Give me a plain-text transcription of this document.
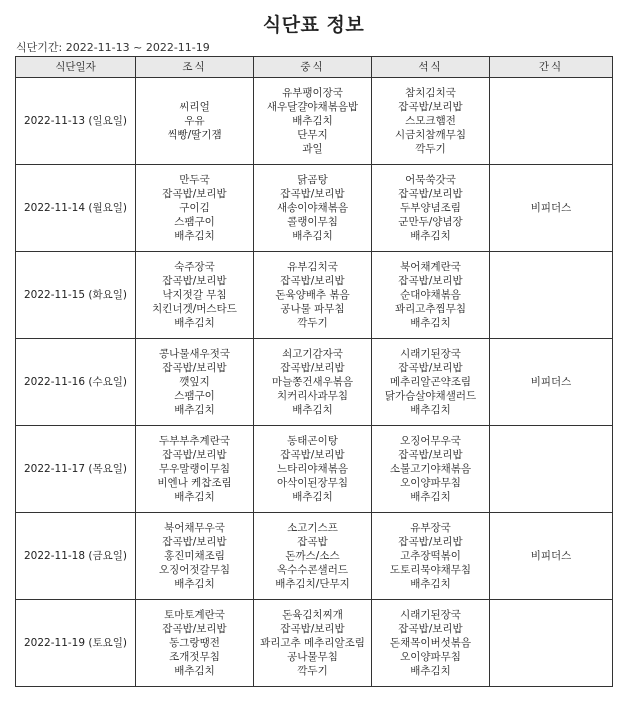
식단표 정보
식단기간: 2022-11-13 ~ 2022-11-19
식단일자	조식	중식	석식	간식
2022-11-13 (일요일)	씨리얼
우유
씩빵/딸기잼	유부팽이장국
새우달걀야채볶음밥
배추김치
단무지
과일	참치김치국
잡곡밥/보리밥
스모크햄전
시금치참깨무침
깍두기	

2022-11-14 (월요일)	만두국
잡곡밥/보리밥
구이김
스팸구이
배추김치	닭곰탕
잡곡밥/보리밥
새송이야채볶음
콜랭이무침
배추김치	어묵쑥갓국
잡곡밥/보리밥
두부양념조림
군만두/양념장
배추김치	비피더스
2022-11-15 (화요일)	숙주장국
잡곡밥/보리밥
낙지젓갈 무침
치킨너겟/머스타드
배추김치	유부김치국
잡곡밥/보리밥
돈육양배추 볶음
공나물 파무침
깍두기	북어채계란국
잡곡밥/보리밥
순대야채볶음
꽈리고추찜무침
배추김치	

2022-11-16 (수요일)	콩나물새우젓국
잡곡밥/보리밥
깻잎지
스팸구이
배추김치	쇠고기감자국
잡곡밥/보리밥
마늘쫑건새우볶음
치커리사과무침
배추김치	시래기된장국
잡곡밥/보리밥
메추리알곤약조림
닭가슴살야채샐러드
배추김치	비피더스
2022-11-17 (목요일)	두부부추계란국
잡곡밥/보리밥
무우말랭이무침
비엔나 케찹조림
배추김치	동태곤이탕
잡곡밥/보리밥
느타리야채볶음
아삭이된장무침
배추김치	오징어무우국
잡곡밥/보리밥
소불고기야채볶음
오이양파무침
배추김치	

2022-11-18 (금요일)	북어채무우국
잡곡밥/보리밥
홍진미채조림
오징어젓갈무침
배추김치	소고기스프
잡곡밥
돈까스/소스
옥수수콘샐러드
배추김치/단무지	유부장국
잡곡밥/보리밥
고추장떡볶이
도토리묵야채무침
배추김치	비피더스
2022-11-19 (토요일)	토마토계란국
잡곡밥/보리밥
동그랑땡전
조개젓무침
배추김치	돈육김치찌개
잡곡밥/보리밥
꽈리고추 메추리알조림
공나물무침
깍두기	시래기된장국
잡곡밥/보리밥
돈채목이버섯볶음
오이양파무침
배추김치	
